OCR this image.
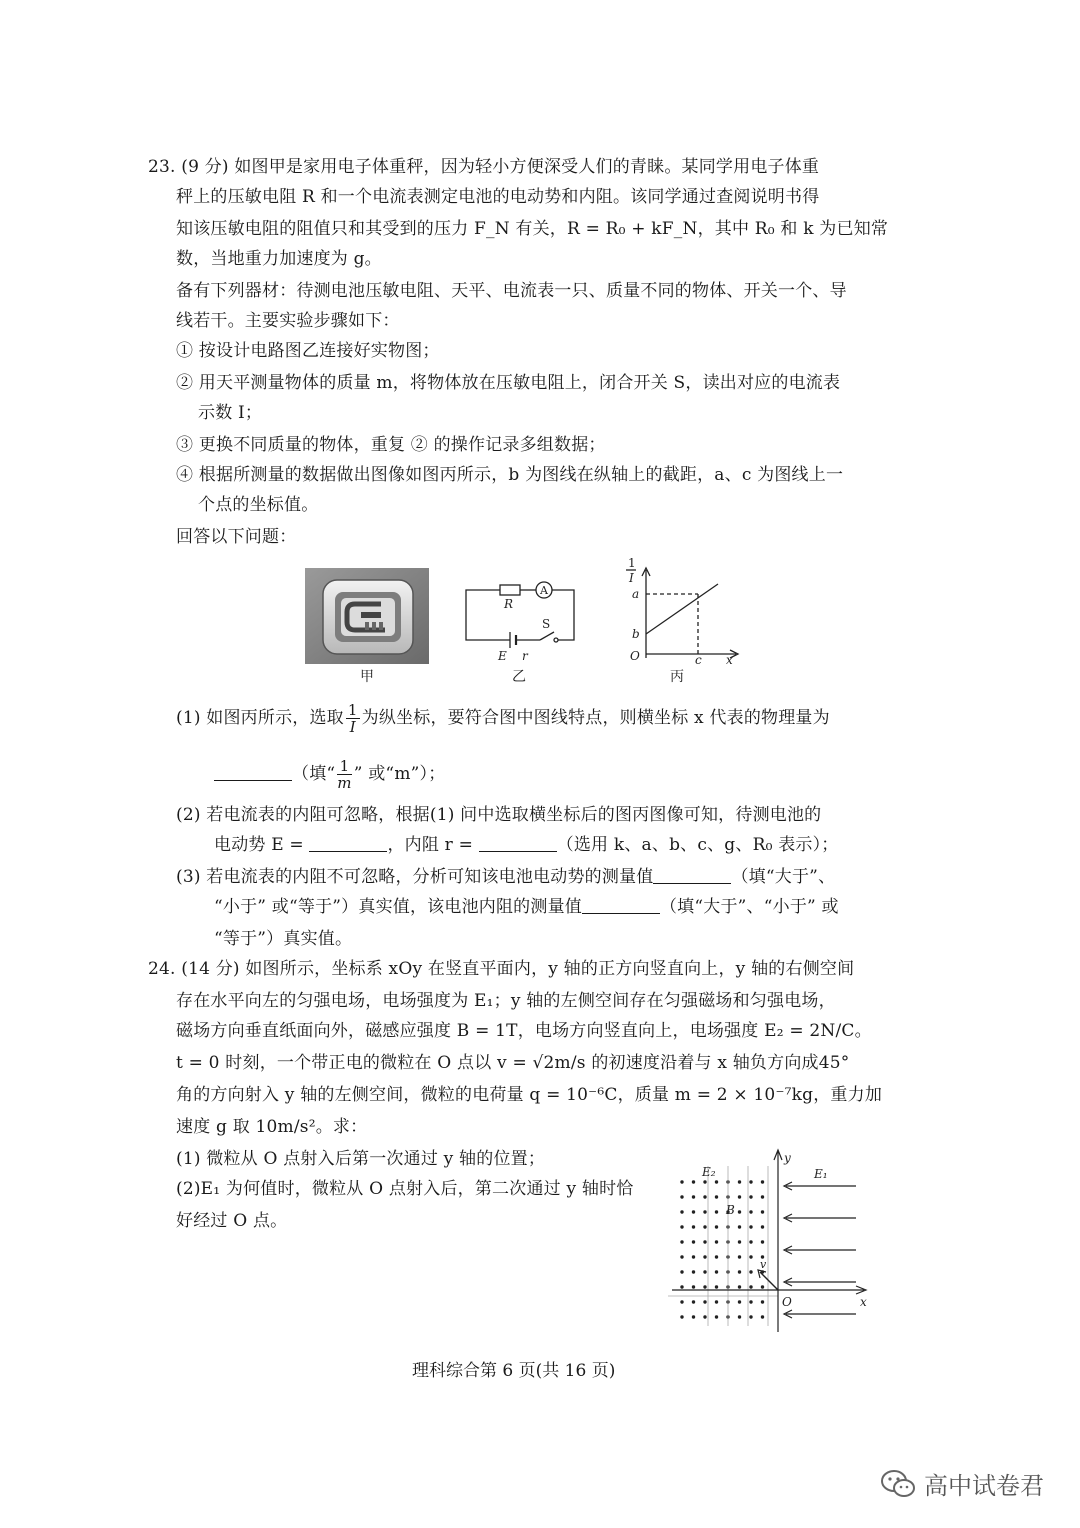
23. (9 分) 如图甲是家用电子体重秤，因为轻小方便深受人们的青睐。某同学用电子体重
秤上的压敏电阻 R 和一个电流表测定电池的电动势和内阻。该同学通过查阅说明书得
知该压敏电阻的阻值只和其受到的压力 F_N 有关，R = R₀ + kF_N，其中 R₀ 和 k 为已知常
数，当地重力加速度为 g。
备有下列器材：待测电池压敏电阻、天平、电流表一只、质量不同的物体、开关一个、导
线若干。主要实验步骤如下：
① 按设计电路图乙连接好实物图；
② 用天平测量物体的质量 m，将物体放在压敏电阻上，闭合开关 S，读出对应的电流表
示数 I；
③ 更换不同质量的物体，重复 ② 的操作记录多组数据；
④ 根据所测量的数据做出图像如图丙所示，b 为图线在纵轴上的截距，a、c 为图线上一
个点的坐标值。
回答以下问题：
R
A
S
E r
1
I
a
b
O	c x
甲	乙	丙
(1) 如图丙所示，选取 $\frac{1}{I}$ 为纵坐标，要符合图中图线特点，则横坐标 x 代表的物理量为
（填“ $\frac{1}{m}$ ” 或“m”）；
(2) 若电流表的内阻可忽略，根据(1) 问中选取横坐标后的图丙图像可知，待测电池的
电动势 E =	，内阻 r =	（选用 k、a、b、c、g、R₀ 表示）；
(3) 若电流表的内阻不可忽略，分析可知该电池电动势的测量值	（填“大于”、
“小于” 或“等于”）真实值，该电池内阻的测量值	（填“大于”、“小于” 或
“等于”）真实值。
24. (14 分) 如图所示，坐标系 xOy 在竖直平面内，y 轴的正方向竖直向上，y 轴的右侧空间
存在水平向左的匀强电场，电场强度为 E₁；y 轴的左侧空间存在匀强磁场和匀强电场，
磁场方向垂直纸面向外，磁感应强度 B = 1T，电场方向竖直向上，电场强度 E₂ = 2N/C。
t = 0 时刻，一个带正电的微粒在 O 点以 v = √2m/s 的初速度沿着与 x 轴负方向成45°
角的方向射入 y 轴的左侧空间，微粒的电荷量 q = 10⁻⁶C，质量 m = 2 × 10⁻⁷kg，重力加
速度 g 取 10m/s²。求：
(1) 微粒从 O 点射入后第一次通过 y 轴的位置；
(2)E₁ 为何值时，微粒从 O 点射入后，第二次通过 y 轴时恰
好经过 O 点。
E₂
B
E₁
y
v
O	x
理科综合第 6 页(共 16 页)
高中试卷君
